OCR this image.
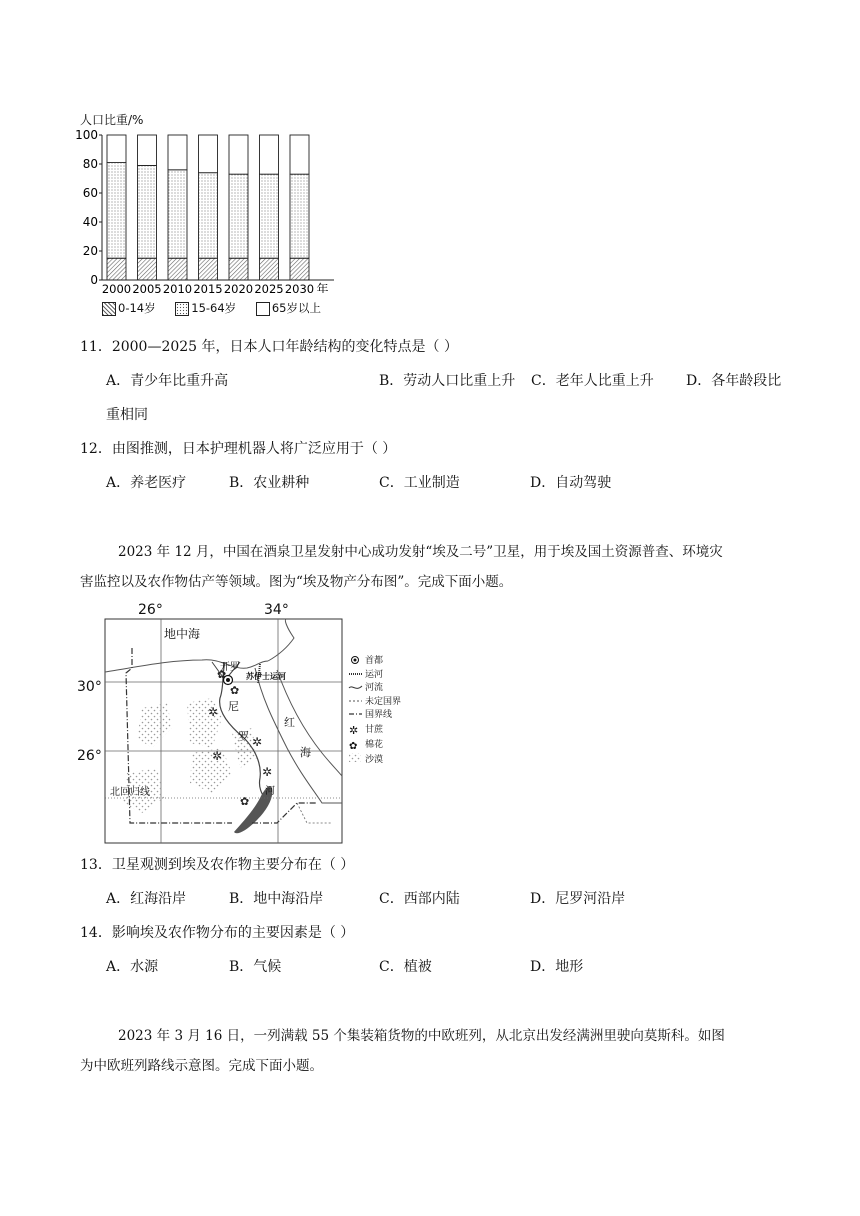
人口比重/%
0
20
40
60
80
100
2000 2005 2010 2015 2020 2025 2030 年
0-14岁	15-64岁	65岁以上
11．2000—2025 年，日本人口年龄结构的变化特点是（ ）
A．青少年比重升高	B．劳动人口比重上升 C．老年人比重上升 D．各年龄段比
重相同
12．由图推测，日本护理机器人将广泛应用于（ ）
A．养老医疗	B．农业耕种	C．工业制造	D．自动驾驶
2023 年 12 月，中国在酒泉卫星发射中心成功发射“埃及二号”卫星，用于埃及国土资源普查、环境灾
害监控以及农作物估产等领域。图为“埃及物产分布图”。完成下面小题。
26°	34°
30°
26°
✲
✲
✲
✲
✿
✿
✿
地中海
开罗
苏伊士运河
尼
罗
河
红
海
北回归线
首都
运河
河流
未定国界
国界线
✲ 甘蔗
✿ 棉花
沙漠
13．卫星观测到埃及农作物主要分布在（ ）
A．红海沿岸	B．地中海沿岸	C．西部内陆	D．尼罗河沿岸
14．影响埃及农作物分布的主要因素是（ ）
A．水源	B．气候	C．植被	D．地形
2023 年 3 月 16 日，一列满载 55 个集装箱货物的中欧班列，从北京出发经满洲里驶向莫斯科。如图
为中欧班列路线示意图。完成下面小题。
